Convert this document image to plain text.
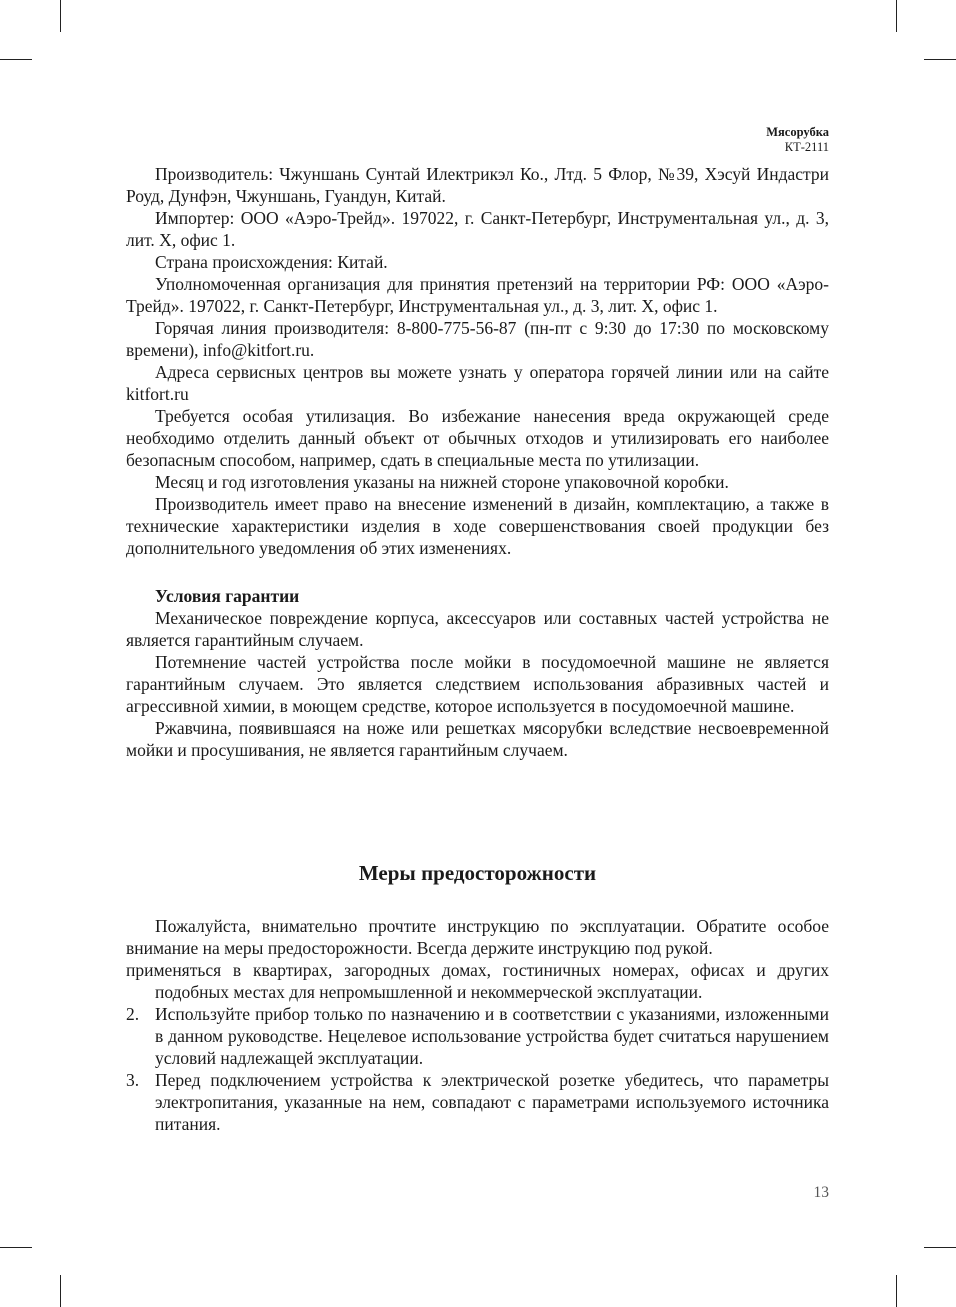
Мясорубка
КТ-2111

Производитель: Чжуншань Сунтай Илектрикэл Ко., Лтд. 5 Флор, №39, Хэсуй Индастри Роуд, Дунфэн, Чжуншань, Гуандун, Китай.

Импортер: ООО «Аэро-Трейд». 197022, г. Санкт-Петербург, Инструментальная ул., д. 3, лит. Х, офис 1.

Страна происхождения: Китай.

Уполномоченная организация для принятия претензий на территории РФ: ООО «Аэро-Трейд». 197022, г. Санкт-Петербург, Инструментальная ул., д. 3, лит. Х, офис 1.

Горячая линия производителя: 8-800-775-56-87 (пн-пт с 9:30 до 17:30 по московскому времени), info@kitfort.ru.

Адреса сервисных центров вы можете узнать у оператора горячей линии или на сайте kitfort.ru

Требуется особая утилизация. Во избежание нанесения вреда окружающей среде необходимо отделить данный объект от обычных отходов и утилизировать его наиболее безопасным способом, например, сдать в специальные места по утилизации.

Месяц и год изготовления указаны на нижней стороне упаковочной коробки.

Производитель имеет право на внесение изменений в дизайн, комплектацию, а также в технические характеристики изделия в ходе совершенствования своей продукции без дополнительного уведомления об этих изменениях.

Условия гарантии

Механическое повреждение корпуса, аксессуаров или составных частей устройства не является гарантийным случаем.

Потемнение частей устройства после мойки в посудомоечной машине не является гарантийным случаем. Это является следствием использования абразивных частей и агрессивной химии, в моющем средстве, которое используется в посудомоечной машине.

Ржавчина, появившаяся на ноже или решетках мясорубки вследствие несвоевременной мойки и просушивания, не является гарантийным случаем.

Меры предосторожности

Пожалуйста, внимательно прочтите инструкцию по эксплуатации. Обратите особое внимание на меры предосторожности. Всегда держите инструкцию под рукой.

применяться в квартирах, загородных домах, гостиничных номерах, офисах и других подобных местах для непромышленной и некоммерческой эксплуатации.
2. Используйте прибор только по назначению и в соответствии с указаниями, изложенными в данном руководстве. Нецелевое использование устройства будет считаться нарушением условий надлежащей эксплуатации.
3. Перед подключением устройства к электрической розетке убедитесь, что параметры электропитания, указанные на нем, совпадают с параметрами используемого источника питания.
13
